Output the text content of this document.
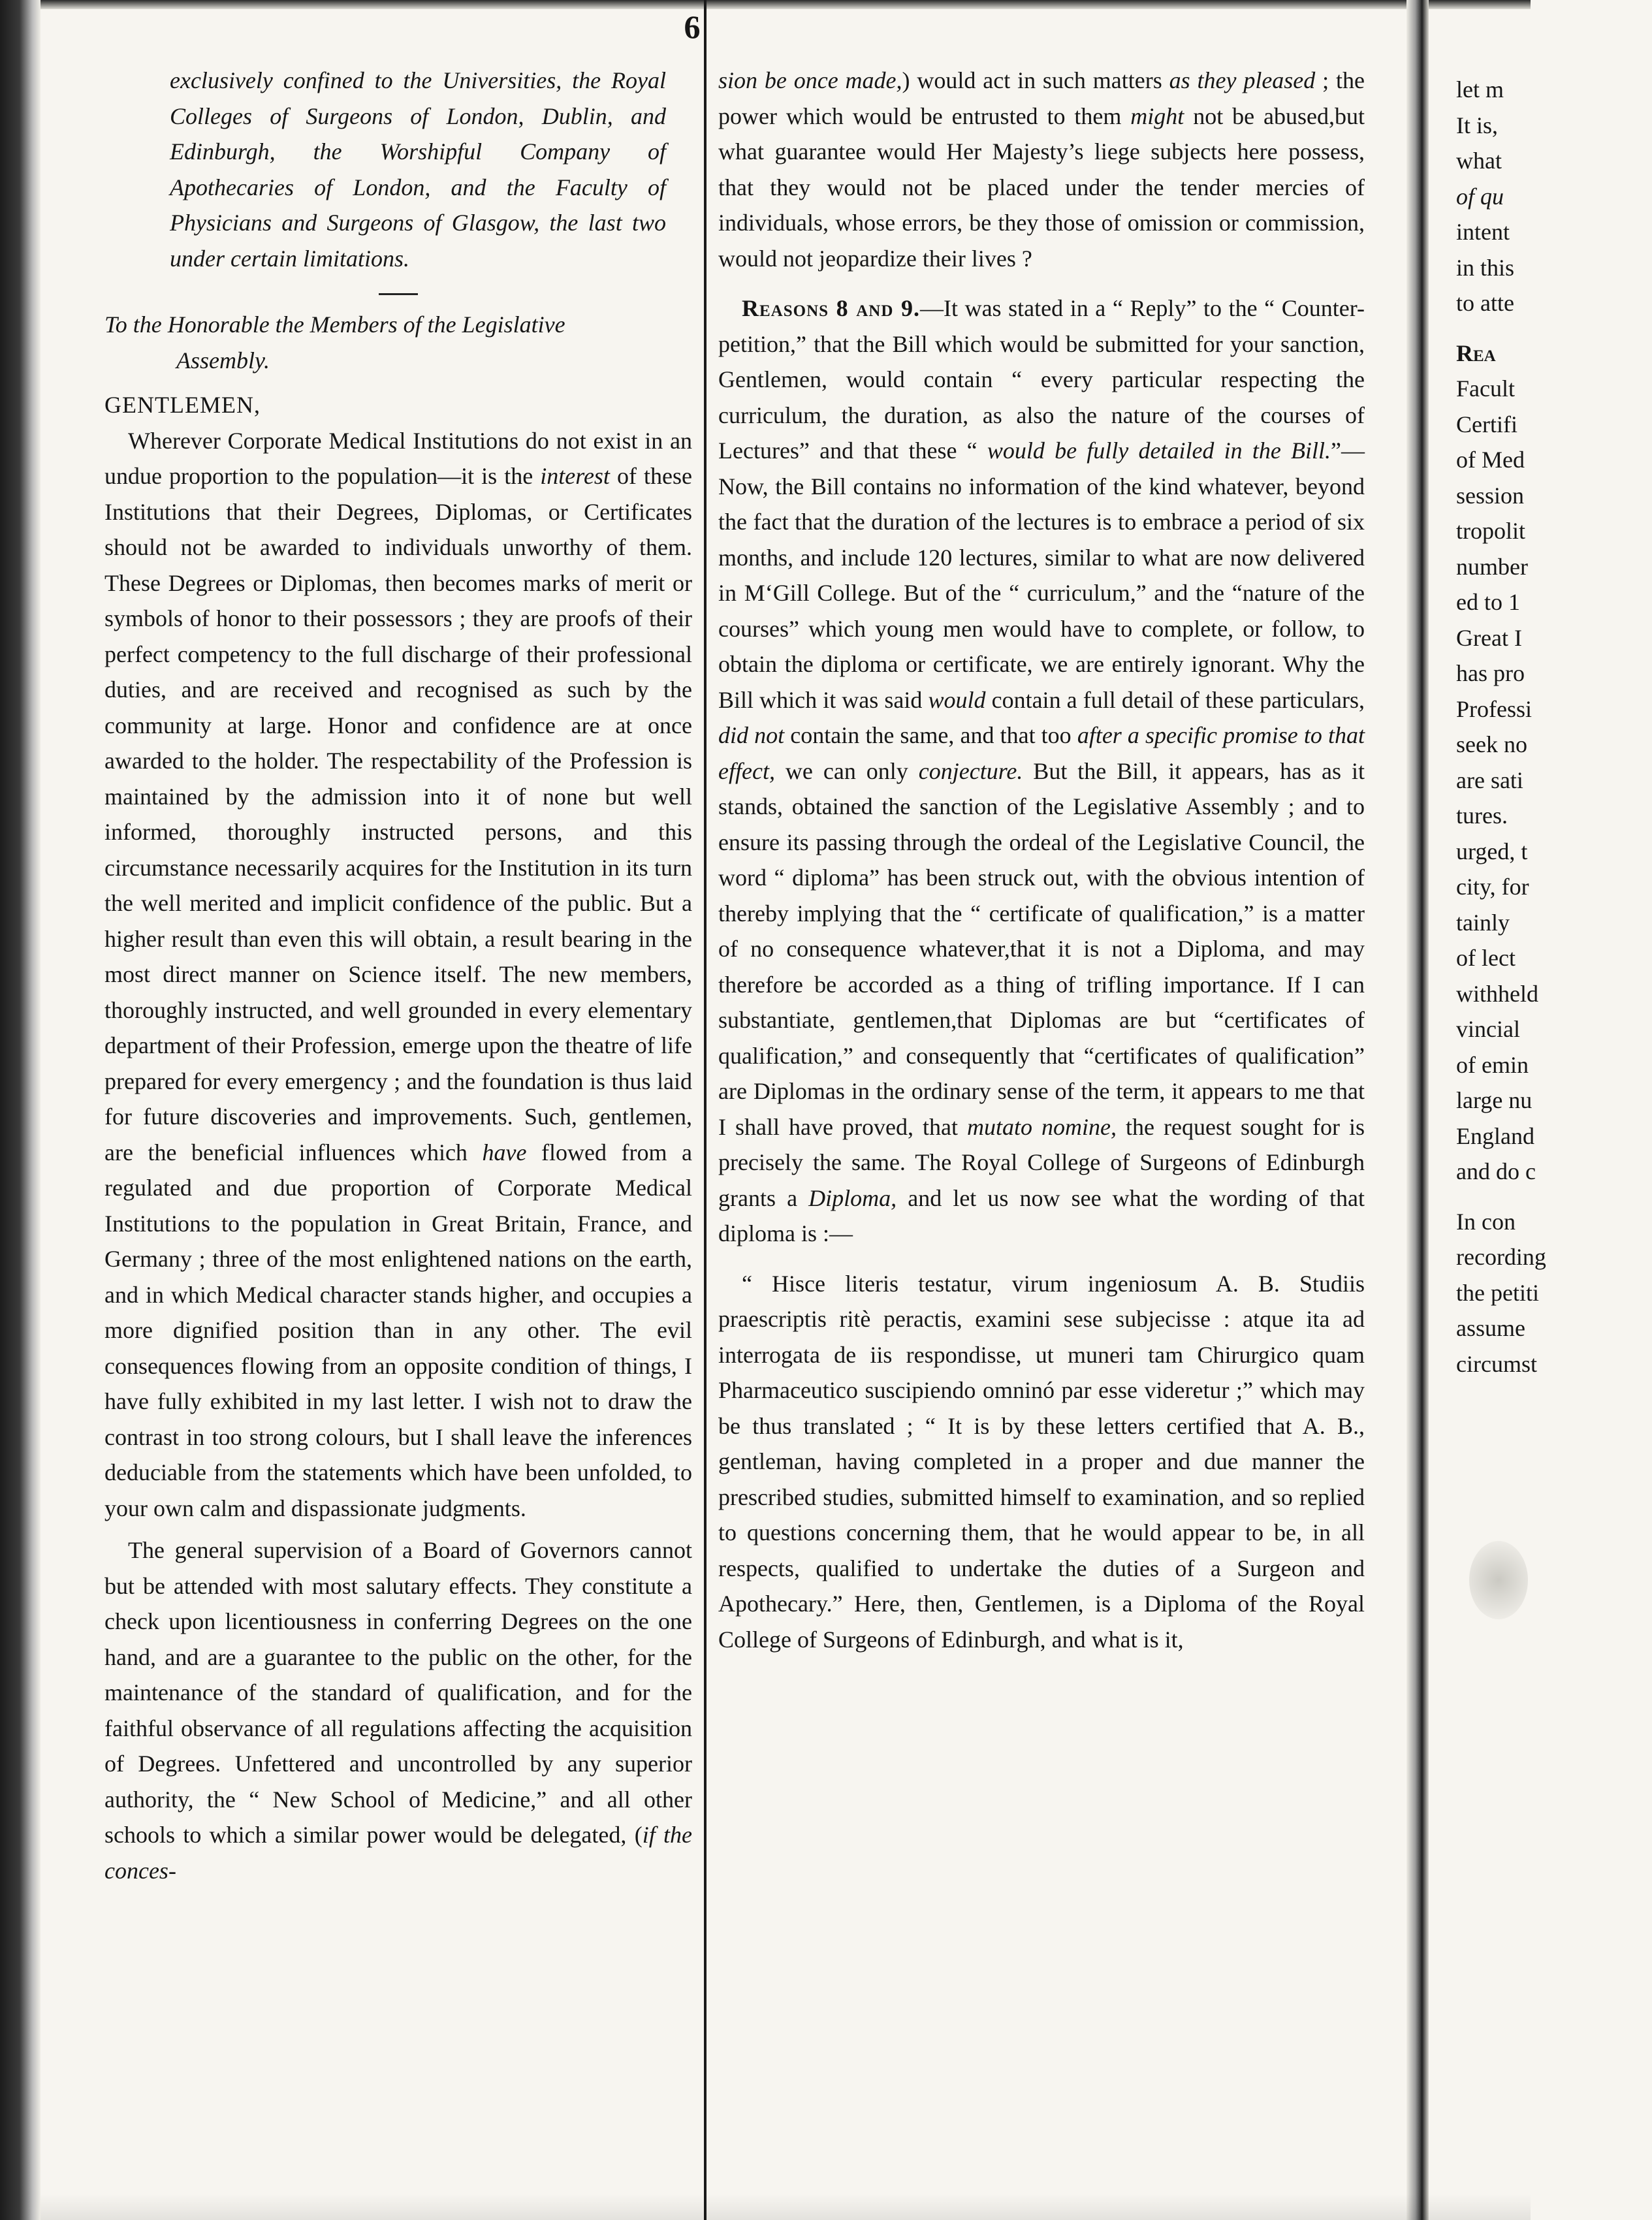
6

exclusively confined to the Universities, the Royal Colleges of Surgeons of London, Dublin, and Edinburgh, the Worshipful Company of Apothecaries of London, and the Faculty of Physicians and Surgeons of Glasgow, the last two under certain limitations.

To the Honorable the Members of the Legislative
Assembly.

GENTLEMEN,

Wherever Corporate Medical Institutions do not exist in an undue proportion to the population—it is the interest of these Institutions that their Degrees, Diplomas, or Certificates should not be awarded to individuals unworthy of them. These Degrees or Diplomas, then becomes marks of merit or symbols of honor to their possessors ; they are proofs of their perfect competency to the full discharge of their professional duties, and are received and recognised as such by the community at large. Honor and confidence are at once awarded to the holder. The respectability of the Profession is maintained by the admission into it of none but well informed, thoroughly instructed persons, and this circumstance necessarily acquires for the Institution in its turn the well merited and implicit confidence of the public. But a higher result than even this will obtain, a result bearing in the most direct manner on Science itself. The new members, thoroughly instructed, and well grounded in every elementary department of their Profession, emerge upon the theatre of life prepared for every emergency ; and the foundation is thus laid for future discoveries and improvements. Such, gentlemen, are the beneficial influences which have flowed from a regulated and due proportion of Corporate Medical Institutions to the population in Great Britain, France, and Germany ; three of the most enlightened nations on the earth, and in which Medical character stands higher, and occupies a more dignified position than in any other. The evil consequences flowing from an opposite condition of things, I have fully exhibited in my last letter. I wish not to draw the contrast in too strong colours, but I shall leave the inferences deduciable from the statements which have been unfolded, to your own calm and dispassionate judgments.

The general supervision of a Board of Governors cannot but be attended with most salutary effects. They constitute a check upon licentiousness in conferring Degrees on the one hand, and are a guarantee to the public on the other, for the maintenance of the standard of qualification, and for the faithful observance of all regulations affecting the acquisition of Degrees. Unfettered and uncontrolled by any superior authority, the “ New School of Medicine,” and all other schools to which a similar power would be delegated, (if the conces-

sion be once made,) would act in such matters as they pleased ; the power which would be entrusted to them might not be abused,but what guarantee would Her Majesty’s liege subjects here possess, that they would not be placed under the tender mercies of individuals, whose errors, be they those of omission or commission, would not jeopardize their lives ?

Reasons 8 and 9.—It was stated in a “ Reply” to the “ Counter-petition,” that the Bill which would be submitted for your sanction, Gentlemen, would contain “ every particular respecting the curriculum, the duration, as also the nature of the courses of Lectures” and that these “ would be fully detailed in the Bill.”—Now, the Bill contains no information of the kind whatever, beyond the fact that the duration of the lectures is to embrace a period of six months, and include 120 lectures, similar to what are now delivered in M‘Gill College. But of the “ curriculum,” and the “nature of the courses” which young men would have to complete, or follow, to obtain the diploma or certificate, we are entirely ignorant. Why the Bill which it was said would contain a full detail of these particulars, did not contain the same, and that too after a specific promise to that effect, we can only conjecture. But the Bill, it appears, has as it stands, obtained the sanction of the Legislative Assembly ; and to ensure its passing through the ordeal of the Legislative Council, the word “ diploma” has been struck out, with the obvious intention of thereby implying that the “ certificate of qualification,” is a matter of no consequence whatever,that it is not a Diploma, and may therefore be accorded as a thing of trifling importance. If I can substantiate, gentlemen,that Diplomas are but “certificates of qualification,” and consequently that “certificates of qualification” are Diplomas in the ordinary sense of the term, it appears to me that I shall have proved, that mutato nomine, the request sought for is precisely the same. The Royal College of Surgeons of Edinburgh grants a Diploma, and let us now see what the wording of that diploma is :—

“ Hisce literis testatur, virum ingeniosum A. B. Studiis praescriptis ritè peractis, examini sese subjecisse : atque ita ad interrogata de iis respondisse, ut muneri tam Chirurgico quam Pharmaceutico suscipiendo omninó par esse videretur ;” which may be thus translated ; “ It is by these letters certified that A. B., gentleman, having completed in a proper and due manner the prescribed studies, submitted himself to examination, and so replied to questions concerning them, that he would appear to be, in all respects, qualified to undertake the duties of a Surgeon and Apothecary.” Here, then, Gentlemen, is a Diploma of the Royal College of Surgeons of Edinburgh, and what is it,

let m
It is,
what
of qu
intent
in this
to atte
Rea
Facult
Certifi
of Med
session
tropolit
number
ed to 1
Great I
has pro
Professi
seek no
are sati
tures.
urged, t
city, for
tainly
of lect
withheld
vincial
of emin
large nu
England
and do c
In con
recording
the petiti
assume
circumst
